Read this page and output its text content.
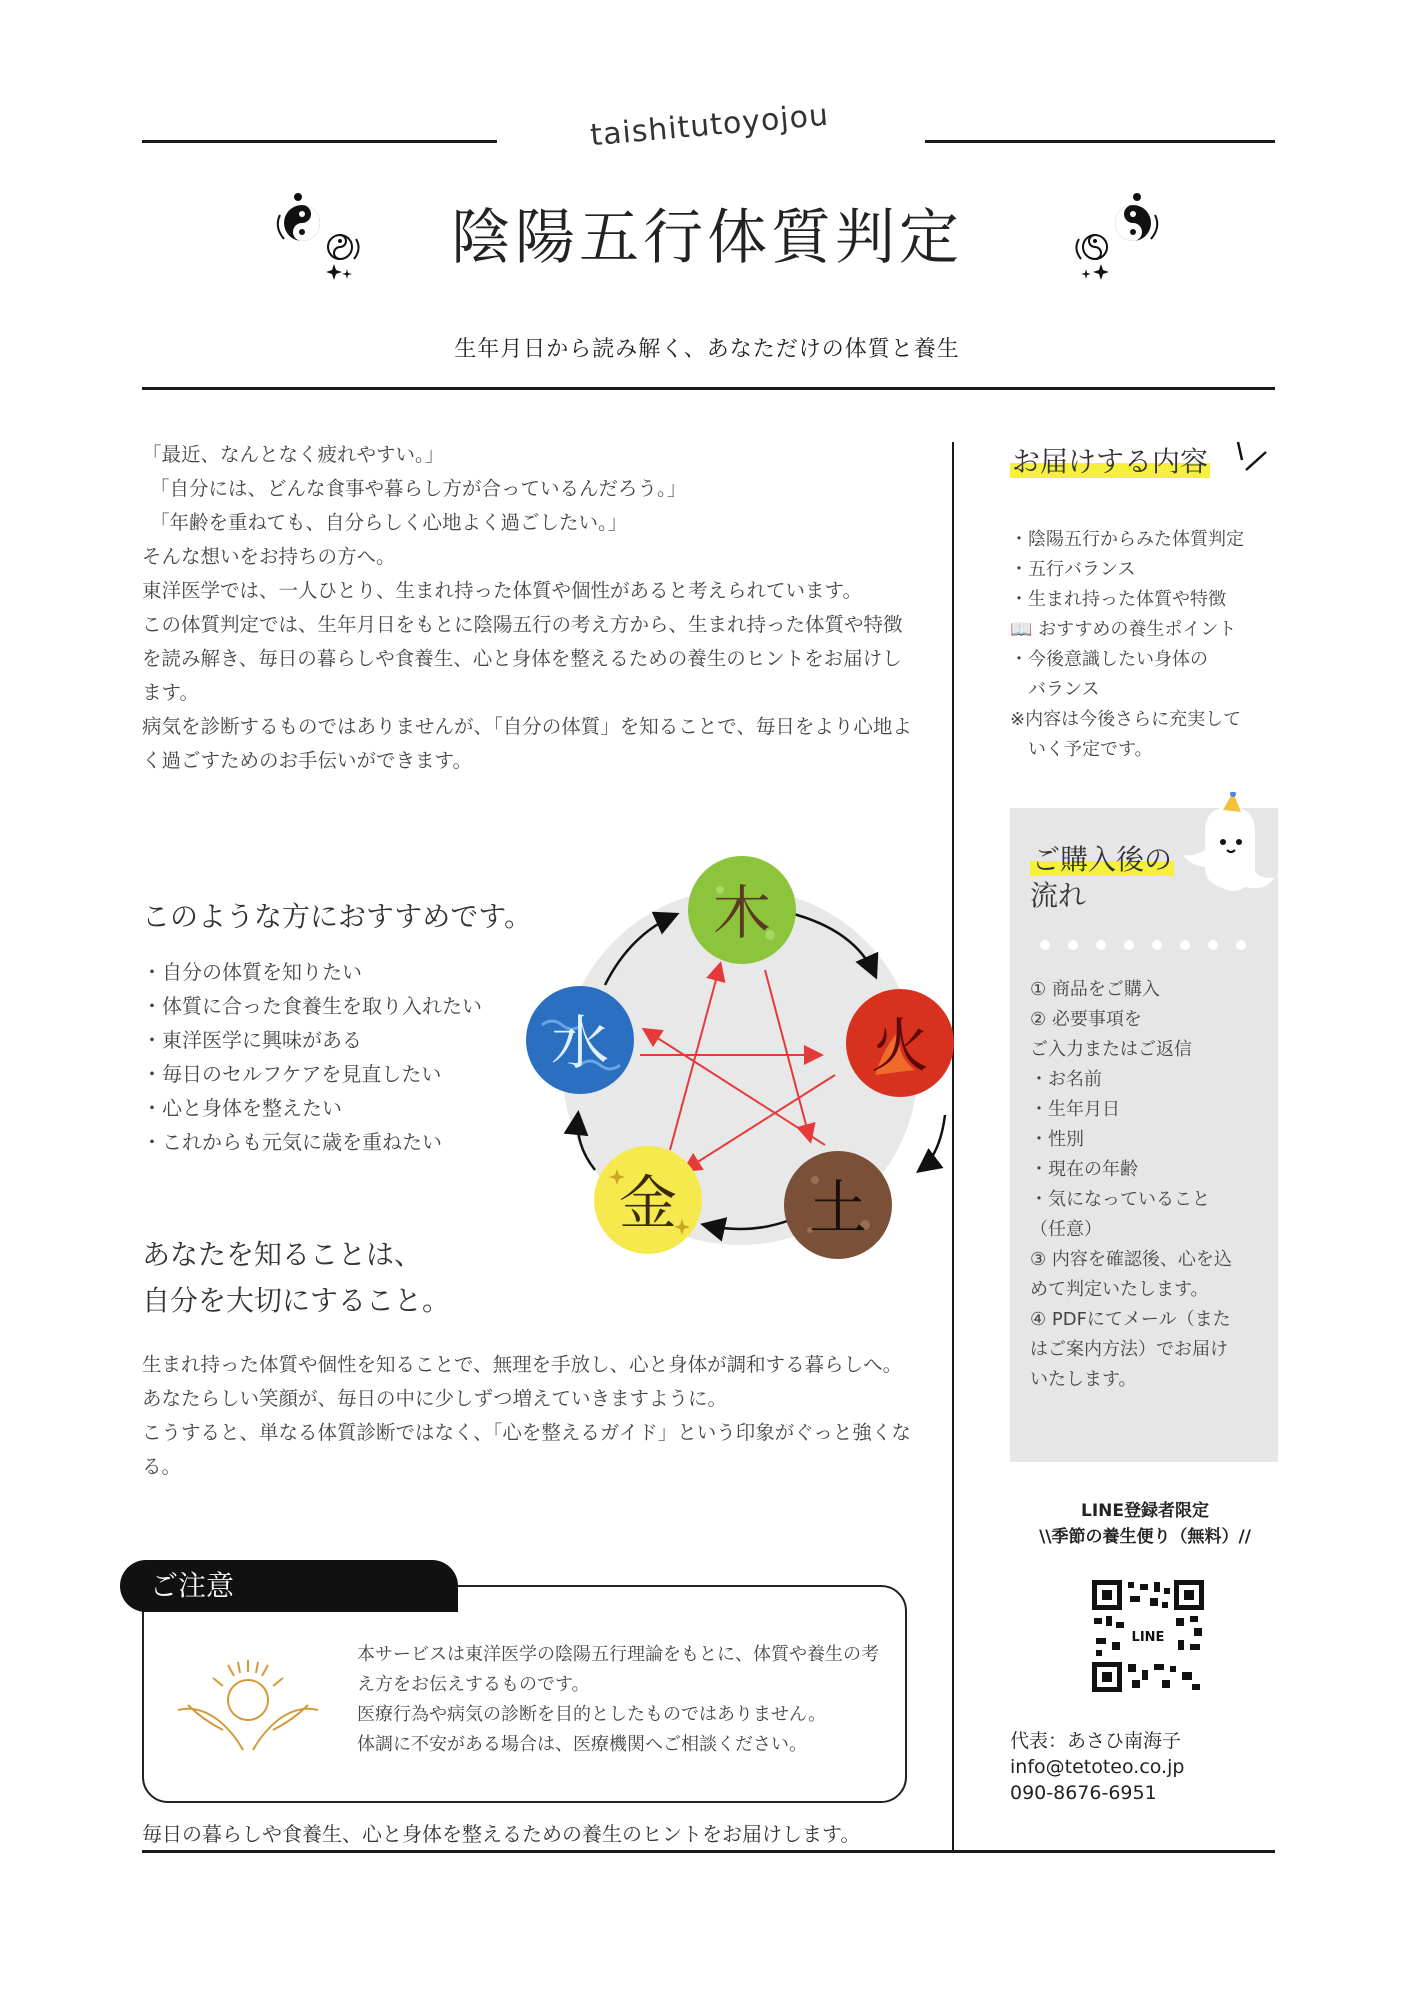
taishitutoyojou
陰陽五行体質判定
生年月日から読み解く、あなただけの体質と養生

「最近、なんとなく疲れやすい。」

「自分には、どんな食事や暮らし方が合っているんだろう。」

「年齢を重ねても、自分らしく心地よく過ごしたい。」

そんな想いをお持ちの方へ。

東洋医学では、一人ひとり、生まれ持った体質や個性があると考えられています。

この体質判定では、生年月日をもとに陰陽五行の考え方から、生まれ持った体質や特徴を読み解き、毎日の暮らしや食養生、心と身体を整えるための養生のヒントをお届けします。

病気を診断するものではありませんが、「自分の体質」を知ることで、毎日をより心地よく過ごすためのお手伝いができます。

このような方におすすめです。
・自分の体質を知りたい
・体質に合った食養生を取り入れたい
・東洋医学に興味がある
・毎日のセルフケアを見直したい
・心と身体を整えたい
・これからも元気に歳を重ねたい
木
火
土
金
水
あなたを知ることは、
自分を大切にすること。

生まれ持った体質や個性を知ることで、無理を手放し、心と身体が調和する暮らしへ。

あなたらしい笑顔が、毎日の中に少しずつ増えていきますように。

こうすると、単なる体質診断ではなく、「心を整えるガイド」という印象がぐっと強くなる。

ご注意

本サービスは東洋医学の陰陽五行理論をもとに、体質や養生の考え方をお伝えするものです。

医療行為や病気の診断を目的としたものではありません。

体調に不安がある場合は、医療機関へご相談ください。

毎日の暮らしや食養生、心と身体を整えるための養生のヒントをお届けします。
お届けする内容
・陰陽五行からみた体質判定
・五行バランス
・生まれ持った体質や特徴
📖 おすすめの養生ポイント
・今後意識したい身体の
　バランス
※内容は今後さらに充実して
　いく予定です。
ご購入後の
流れ
① 商品をご購入
② 必要事項を
ご入力またはご返信
・お名前
・生年月日
・性別
・現在の年齢
・気になっていること
（任意）
③ 内容を確認後、心を込
めて判定いたします。
④ PDFにてメール（また
はご案内方法）でお届け
いたします。
LINE登録者限定
\\季節の養生便り（無料）//
LINE
代表：あさひ南海子
info@tetoteo.co.jp
090-8676-6951
